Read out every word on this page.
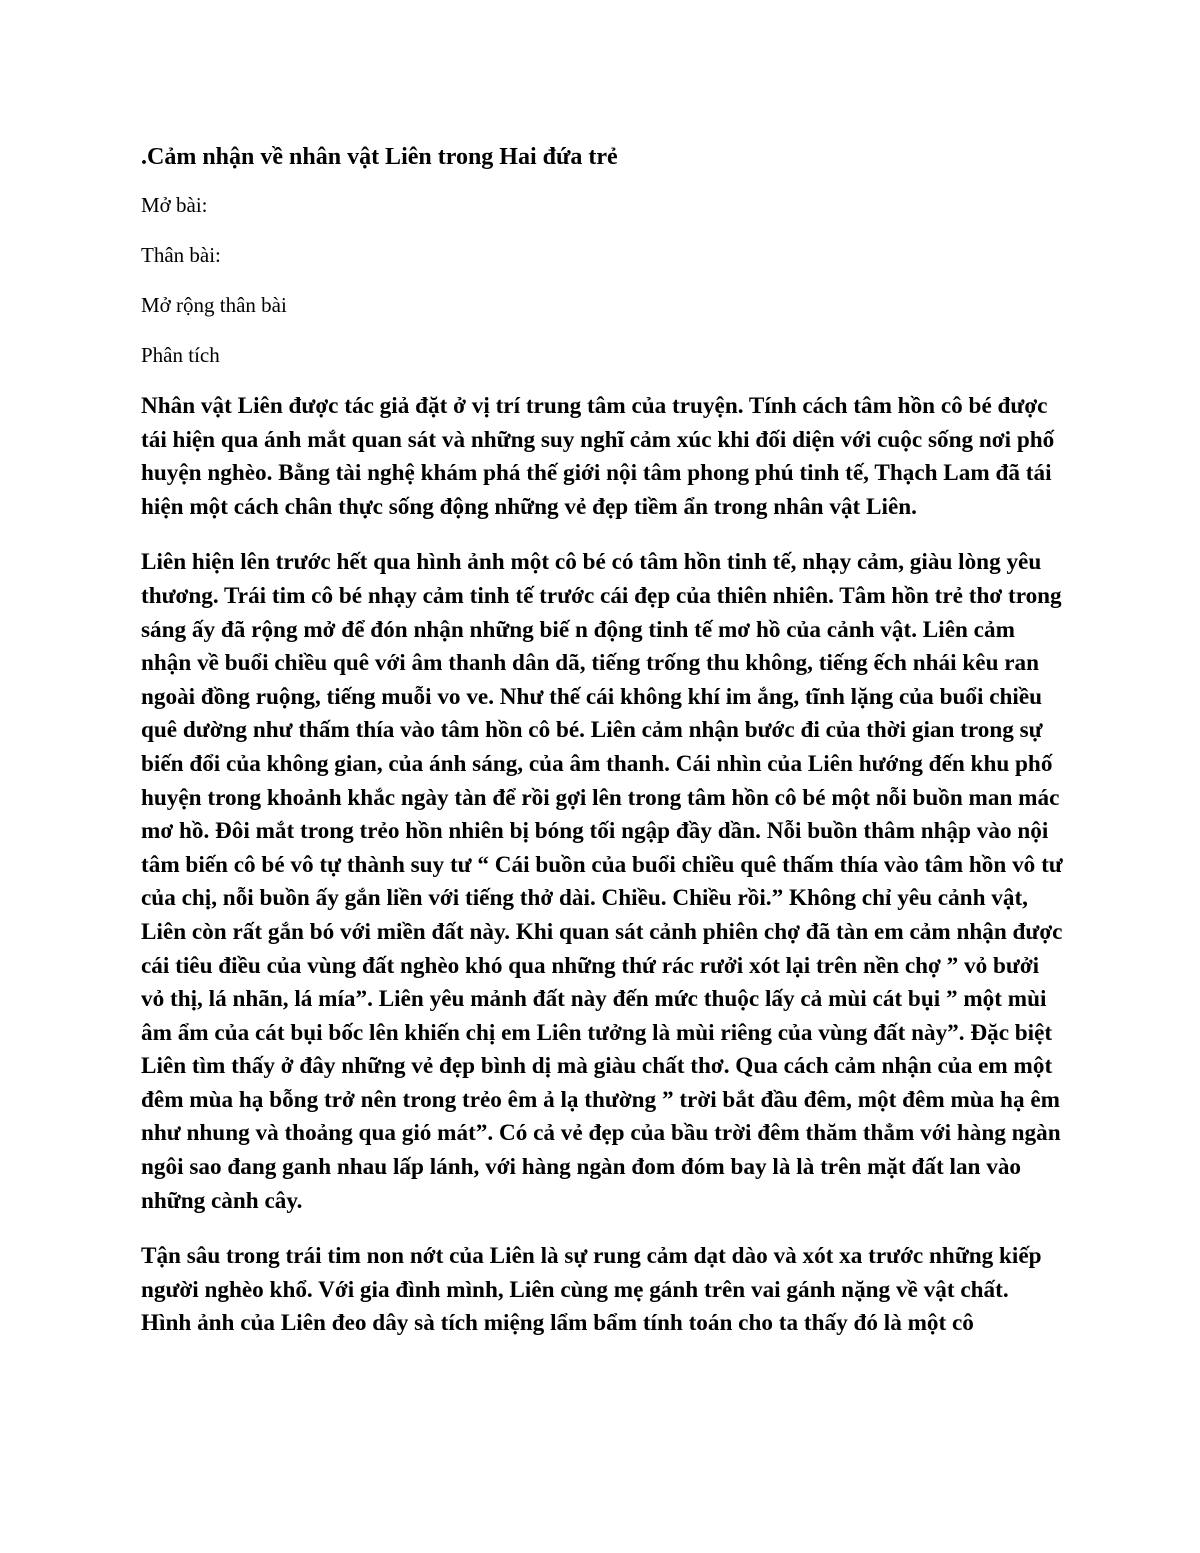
.Cảm nhận về nhân vật Liên trong Hai đứa trẻ
Mở bài:
Thân bài:
Mở rộng thân bài
Phân tích

Nhân vật Liên được tác giả đặt ở vị trí trung tâm của truyện. Tính cách tâm hồn cô bé được tái hiện qua ánh mắt quan sát và những suy nghĩ cảm xúc khi đối diện với cuộc sống nơi phố huyện nghèo. Bằng tài nghệ khám phá thế giới nội tâm phong phú tinh tế, Thạch Lam đã tái hiện một cách chân thực sống động những vẻ đẹp tiềm ẩn trong nhân vật Liên.

Liên hiện lên trước hết qua hình ảnh một cô bé có tâm hồn tinh tế, nhạy cảm, giàu lòng yêu thương. Trái tim cô bé nhạy cảm tinh tế trước cái đẹp của thiên nhiên. Tâm hồn trẻ thơ trong sáng ấy đã rộng mở để đón nhận những biế n động tinh tế mơ hồ của cảnh vật. Liên cảm nhận về buổi chiều quê với âm thanh dân dã, tiếng trống thu không, tiếng ếch nhái kêu ran ngoài đồng ruộng, tiếng muỗi vo ve. Như thế cái không khí im ắng, tĩnh lặng của buổi chiều quê dường như thấm thía vào tâm hồn cô bé. Liên cảm nhận bước đi của thời gian trong sự biến đổi của không gian, của ánh sáng, của âm thanh. Cái nhìn của Liên hướng đến khu phố huyện trong khoảnh khắc ngày tàn để rồi gợi lên trong tâm hồn cô bé một nỗi buồn man mác mơ hồ. Đôi mắt trong trẻo hồn nhiên bị bóng tối ngập đầy dần. Nỗi buồn thâm nhập vào nội tâm biến cô bé vô tự thành suy tư “ Cái buồn của buổi chiều quê thấm thía vào tâm hồn vô tư của chị, nỗi buồn ấy gắn liền với tiếng thở dài. Chiều. Chiều rồi.” Không chỉ yêu cảnh vật, Liên còn rất gắn bó với miền đất này. Khi quan sát cảnh phiên chợ đã tàn em cảm nhận được cái tiêu điều của vùng đất nghèo khó qua những thứ rác rưởi xót lại trên nền chợ ” vỏ bưởi vỏ thị, lá nhãn, lá mía”. Liên yêu mảnh đất này đến mức thuộc lấy cả mùi cát bụi ” một mùi âm ẩm của cát bụi bốc lên khiến chị em Liên tưởng là mùi riêng của vùng đất này”. Đặc biệt Liên tìm thấy ở đây những vẻ đẹp bình dị mà giàu chất thơ. Qua cách cảm nhận của em một đêm mùa hạ bỗng trở nên trong trẻo êm ả lạ thường ” trời bắt đầu đêm, một đêm mùa hạ êm như nhung và thoảng qua gió mát”. Có cả vẻ đẹp của bầu trời đêm thăm thẳm với hàng ngàn ngôi sao đang ganh nhau lấp lánh, với hàng ngàn đom đóm bay là là trên mặt đất lan vào những cành cây.

Tận sâu trong trái tim non nớt của Liên là sự rung cảm dạt dào và xót xa trước những kiếp người nghèo khổ. Với gia đình mình, Liên cùng mẹ gánh trên vai gánh nặng về vật chất. Hình ảnh của Liên đeo dây sà tích miệng lẩm bẩm tính toán cho ta thấy đó là một cô
